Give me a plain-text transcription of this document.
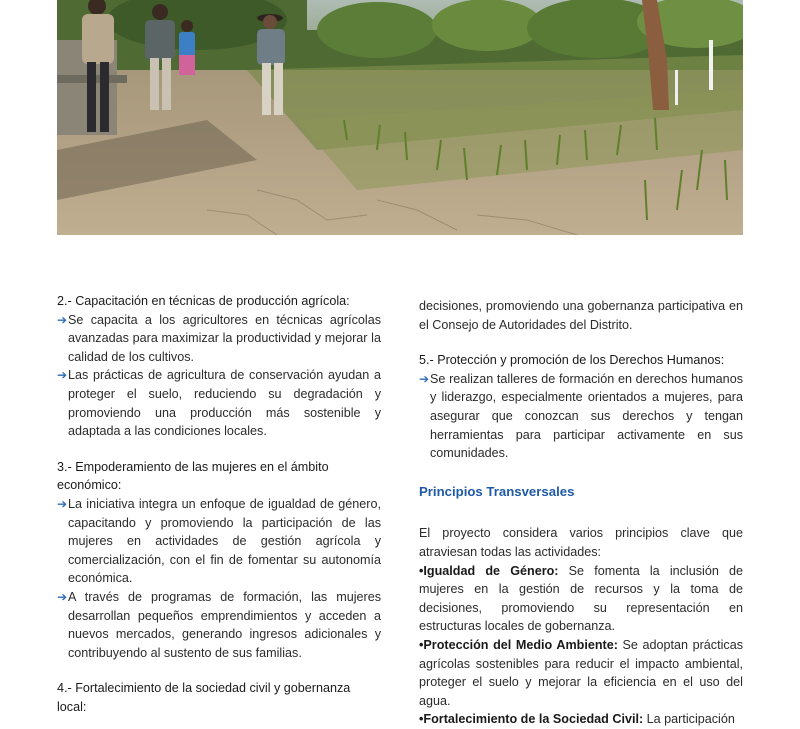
2.- Capacitación en técnicas de producción agrícola:

➔ Se capacita a los agricultores en técnicas agrícolas avanzadas para maximizar la productividad y mejorar la calidad de los cultivos.

➔ Las prácticas de agricultura de conservación ayudan a proteger el suelo, reduciendo su degradación y promoviendo una producción más sostenible y adaptada a las condiciones locales.

3.- Empoderamiento de las mujeres en el ámbito económico:

➔ La iniciativa integra un enfoque de igualdad de género, capacitando y promoviendo la participación de las mujeres en actividades de gestión agrícola y comercialización, con el fin de fomentar su autonomía económica.

➔ A través de programas de formación, las mujeres desarrollan pequeños emprendimientos y acceden a nuevos mercados, generando ingresos adicionales y contribuyendo al sustento de sus familias.

4.- Fortalecimiento de la sociedad civil y gobernanza local:

decisiones, promoviendo una gobernanza participativa en el Consejo de Autoridades del Distrito.

5.- Protección y promoción de los Derechos Humanos:

➔ Se realizan talleres de formación en derechos humanos y liderazgo, especialmente orientados a mujeres, para asegurar que conozcan sus derechos y tengan herramientas para participar activamente en sus comunidades.

Principios Transversales

El proyecto considera varios principios clave que atraviesan todas las actividades:

•Igualdad de Género: Se fomenta la inclusión de mujeres en la gestión de recursos y la toma de decisiones, promoviendo su representación en estructuras locales de gobernanza.

•Protección del Medio Ambiente: Se adoptan prácticas agrícolas sostenibles para reducir el impacto ambiental, proteger el suelo y mejorar la eficiencia en el uso del agua.

•Fortalecimiento de la Sociedad Civil: La participación
